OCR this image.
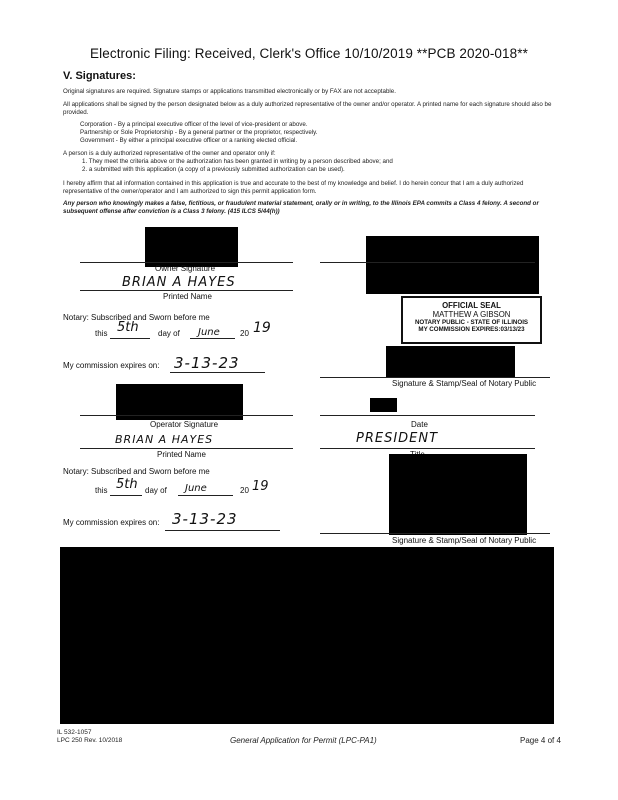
Electronic Filing: Received, Clerk's Office 10/10/2019 **PCB 2020-018**
V. Signatures:
Original signatures are required. Signature stamps or applications transmitted electronically or by FAX are not acceptable.
All applications shall be signed by the person designated below as a duly authorized representative of the owner and/or operator. A printed name for each signature should also be provided.
Corporation - By a principal executive officer of the level of vice-president or above.
Partnership or Sole Proprietorship - By a general partner or the proprietor, respectively.
Government - By either a principal executive officer or a ranking elected official.
A person is a duly authorized representative of the owner and operator only if:
1. They meet the criteria above or the authorization has been granted in writing by a person described above; and
2. a submitted with this application (a copy of a previously submitted authorization can be used).
I hereby affirm that all information contained in this application is true and accurate to the best of my knowledge and belief. I do herein concur that I am a duly authorized representative of the owner/operator and I am authorized to sign this permit application form.
Any person who knowingly makes a false, fictitious, or fraudulent material statement, orally or in writing, to the Illinois EPA commits a Class 4 felony. A second or subsequent offense after conviction is a Class 3 felony. (415 ILCS 5/44(h))
Owner Signature
BRIAN A HAYES
Printed Name
Notary: Subscribed and Sworn before me
this 5th day of June	20 19
My commission expires on: 3-13-23
OFFICIAL SEAL
MATTHEW A GIBSON
NOTARY PUBLIC - STATE OF ILLINOIS
MY COMMISSION EXPIRES:03/13/23
Signature & Stamp/Seal of Notary Public
Operator Signature	Date
BRIAN A HAYES
Printed Name
PRESIDENT
Notary: Subscribed and Sworn before me
this 5th day of June	20 19
My commission expires on: 3-13-23
Signature & Stamp/Seal of Notary Public
IL 532-1057
LPC 250 Rev. 10/2018	General Application for Permit (LPC-PA1)	Page 4 of 4
